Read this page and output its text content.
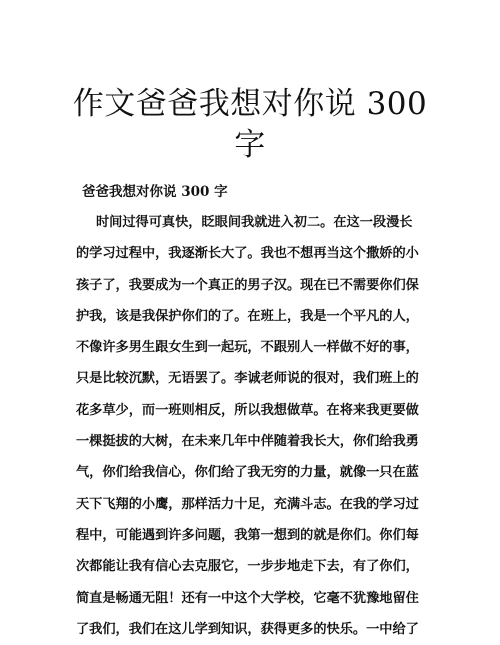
作文爸爸我想对你说 300 字

爸爸我想对你说 300 字

时间过得可真快，眨眼间我就进入初二。在这一段漫长
的学习过程中，我逐渐长大了。我也不想再当这个撒娇的小
孩子了，我要成为一个真正的男子汉。现在已不需要你们保
护我，该是我保护你们的了。在班上，我是一个平凡的人，
不像许多男生跟女生到一起玩，不跟别人一样做不好的事，
只是比较沉默，无语罢了。李诚老师说的很对，我们班上的
花多草少，而一班则相反，所以我想做草。在将来我更要做
一棵挺拔的大树，在未来几年中伴随着我长大，你们给我勇
气，你们给我信心，你们给了我无穷的力量，就像一只在蓝
天下飞翔的小鹰，那样活力十足，充满斗志。在我的学习过
程中，可能遇到许多问题，我第一想到的就是你们。你们每
次都能让我有信心去克服它，一步步地走下去，有了你们，
简直是畅通无阻！还有一中这个大学校，它毫不犹豫地留住
了我们，我们在这儿学到知识，获得更多的快乐。一中给了
